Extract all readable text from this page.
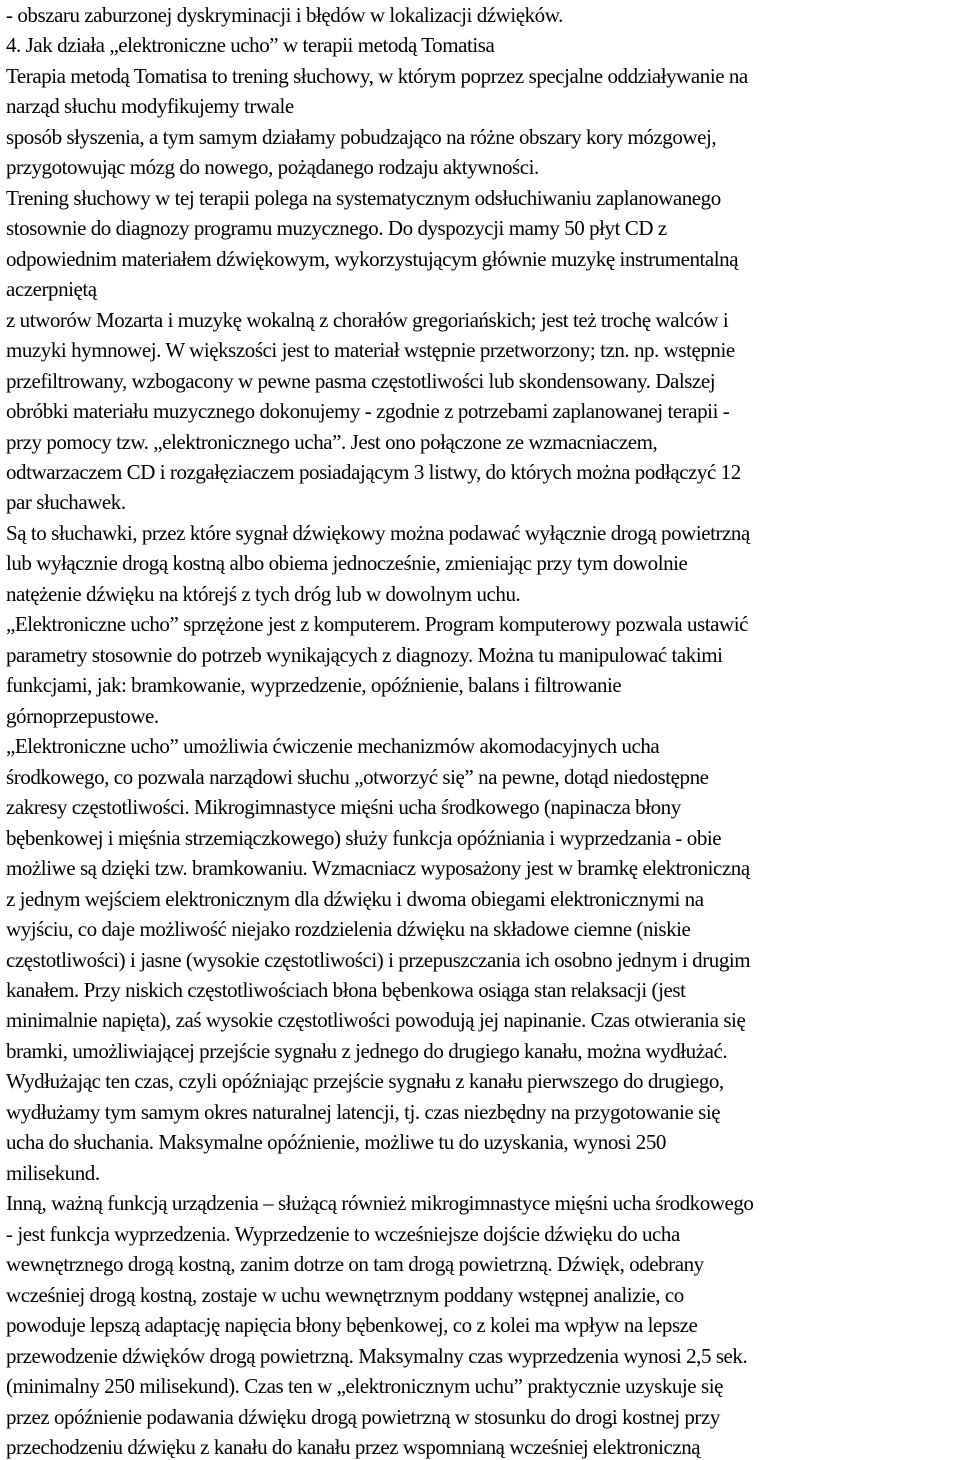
- obszaru zaburzonej dyskryminacji i błędów w lokalizacji dźwięków.
4. Jak działa „elektroniczne ucho” w terapii metodą Tomatisa
Terapia metodą Tomatisa to trening słuchowy, w którym poprzez specjalne oddziaływanie na
narząd słuchu modyfikujemy trwale
sposób słyszenia, a tym samym działamy pobudzająco na różne obszary kory mózgowej,
przygotowując mózg do nowego, pożądanego rodzaju aktywności.
Trening słuchowy w tej terapii polega na systematycznym odsłuchiwaniu zaplanowanego
stosownie do diagnozy programu muzycznego. Do dyspozycji mamy 50 płyt CD z
odpowiednim materiałem dźwiękowym, wykorzystującym głównie muzykę instrumentalną
aczerpniętą
z utworów Mozarta i muzykę wokalną z chorałów gregoriańskich; jest też trochę walców i
muzyki hymnowej. W większości jest to materiał wstępnie przetworzony; tzn. np. wstępnie
przefiltrowany, wzbogacony w pewne pasma częstotliwości lub skondensowany. Dalszej
obróbki materiału muzycznego dokonujemy - zgodnie z potrzebami zaplanowanej terapii -
przy pomocy tzw. „elektronicznego ucha”. Jest ono połączone ze wzmacniaczem,
odtwarzaczem CD i rozgałęziaczem posiadającym 3 listwy, do których można podłączyć 12
par słuchawek.
Są to słuchawki, przez które sygnał dźwiękowy można podawać wyłącznie drogą powietrzną
lub wyłącznie drogą kostną albo obiema jednocześnie, zmieniając przy tym dowolnie
natężenie dźwięku na którejś z tych dróg lub w dowolnym uchu.
„Elektroniczne ucho” sprzężone jest z komputerem. Program komputerowy pozwala ustawić
parametry stosownie do potrzeb wynikających z diagnozy. Można tu manipulować takimi
funkcjami, jak: bramkowanie, wyprzedzenie, opóźnienie, balans i filtrowanie
górnoprzepustowe.
„Elektroniczne ucho” umożliwia ćwiczenie mechanizmów akomodacyjnych ucha
środkowego, co pozwala narządowi słuchu „otworzyć się” na pewne, dotąd niedostępne
zakresy częstotliwości. Mikrogimnastyce mięśni ucha środkowego (napinacza błony
bębenkowej i mięśnia strzemiączkowego) służy funkcja opóźniania i wyprzedzania - obie
możliwe są dzięki tzw. bramkowaniu. Wzmacniacz wyposażony jest w bramkę elektroniczną
z jednym wejściem elektronicznym dla dźwięku i dwoma obiegami elektronicznymi na
wyjściu, co daje możliwość niejako rozdzielenia dźwięku na składowe ciemne (niskie
częstotliwości) i jasne (wysokie częstotliwości) i przepuszczania ich osobno jednym i drugim
kanałem. Przy niskich częstotliwościach błona bębenkowa osiąga stan relaksacji (jest
minimalnie napięta), zaś wysokie częstotliwości powodują jej napinanie. Czas otwierania się
bramki, umożliwiającej przejście sygnału z jednego do drugiego kanału, można wydłużać.
Wydłużając ten czas, czyli opóźniając przejście sygnału z kanału pierwszego do drugiego,
wydłużamy tym samym okres naturalnej latencji, tj. czas niezbędny na przygotowanie się
ucha do słuchania. Maksymalne opóźnienie, możliwe tu do uzyskania, wynosi 250
milisekund.
Inną, ważną funkcją urządzenia – służącą również mikrogimnastyce mięśni ucha środkowego
- jest funkcja wyprzedzenia. Wyprzedzenie to wcześniejsze dojście dźwięku do ucha
wewnętrznego drogą kostną, zanim dotrze on tam drogą powietrzną. Dźwięk, odebrany
wcześniej drogą kostną, zostaje w uchu wewnętrznym poddany wstępnej analizie, co
powoduje lepszą adaptację napięcia błony bębenkowej, co z kolei ma wpływ na lepsze
przewodzenie dźwięków drogą powietrzną. Maksymalny czas wyprzedzenia wynosi 2,5 sek.
(minimalny 250 milisekund). Czas ten w „elektronicznym uchu” praktycznie uzyskuje się
przez opóźnienie podawania dźwięku drogą powietrzną w stosunku do drogi kostnej przy
przechodzeniu dźwięku z kanału do kanału przez wspomnianą wcześniej elektroniczną
